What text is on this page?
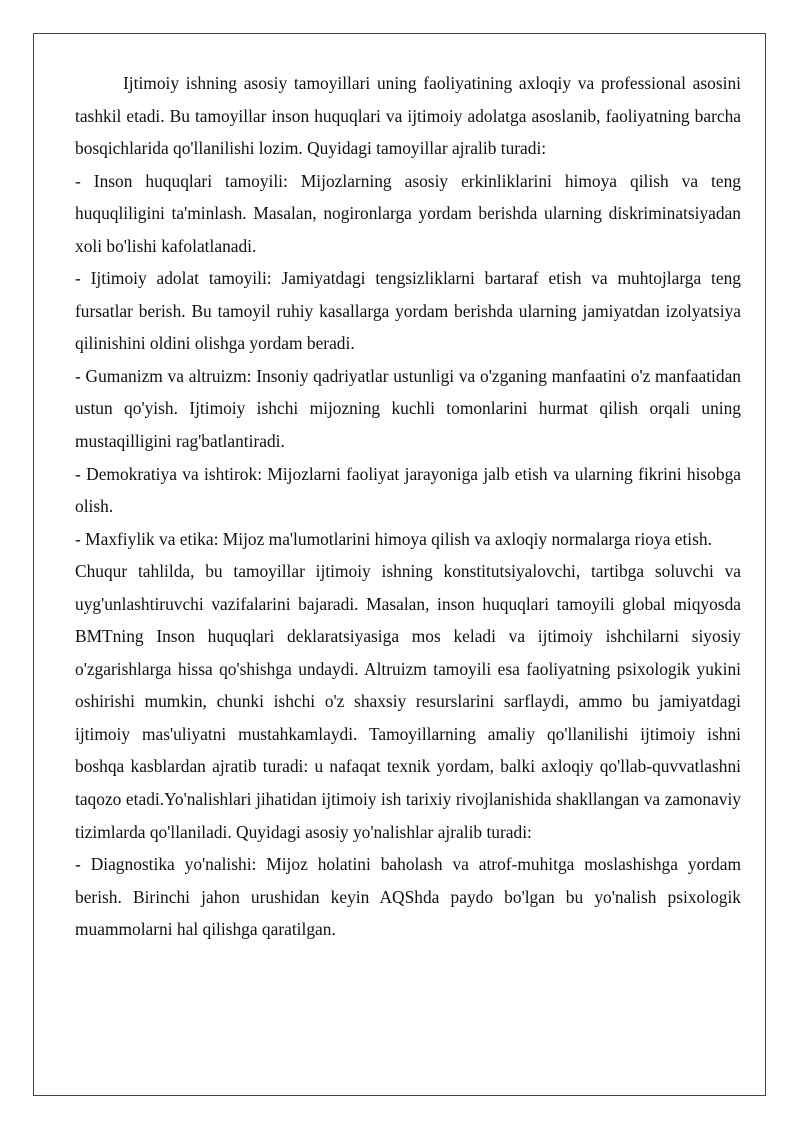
Ijtimoiy ishning asosiy tamoyillari uning faoliyatining axloqiy va professional asosini tashkil etadi. Bu tamoyillar inson huquqlari va ijtimoiy adolatga asoslanib, faoliyatning barcha bosqichlarida qo'llanilishi lozim. Quyidagi tamoyillar ajralib turadi:

- Inson huquqlari tamoyili: Mijozlarning asosiy erkinliklarini himoya qilish va teng huquqliligini ta'minlash. Masalan, nogironlarga yordam berishda ularning diskriminatsiyadan xoli bo'lishi kafolatlanadi.

- Ijtimoiy adolat tamoyili: Jamiyatdagi tengsizliklarni bartaraf etish va muhtojlarga teng fursatlar berish. Bu tamoyil ruhiy kasallarga yordam berishda ularning jamiyatdan izolyatsiya qilinishini oldini olishga yordam beradi.

- Gumanizm va altruizm: Insoniy qadriyatlar ustunligi va o'zganing manfaatini o'z manfaatidan ustun qo'yish. Ijtimoiy ishchi mijozning kuchli tomonlarini hurmat qilish orqali uning mustaqilligini rag'batlantiradi.

- Demokratiya va ishtirok: Mijozlarni faoliyat jarayoniga jalb etish va ularning fikrini hisobga olish.

- Maxfiylik va etika: Mijoz ma'lumotlarini himoya qilish va axloqiy normalarga rioya etish.

Chuqur tahlilda, bu tamoyillar ijtimoiy ishning konstitutsiyalovchi, tartibga soluvchi va uyg'unlashtiruvchi vazifalarini bajaradi. Masalan, inson huquqlari tamoyili global miqyosda BMTning Inson huquqlari deklaratsiyasiga mos keladi va ijtimoiy ishchilarni siyosiy o'zgarishlarga hissa qo'shishga undaydi. Altruizm tamoyili esa faoliyatning psixologik yukini oshirishi mumkin, chunki ishchi o'z shaxsiy resurslarini sarflaydi, ammo bu jamiyatdagi ijtimoiy mas'uliyatni mustahkamlaydi. Tamoyillarning amaliy qo'llanilishi ijtimoiy ishni boshqa kasblardan ajratib turadi: u nafaqat texnik yordam, balki axloqiy qo'llab-quvvatlashni taqozo etadi.Yo'nalishlari jihatidan ijtimoiy ish tarixiy rivojlanishida shakllangan va zamonaviy tizimlarda qo'llaniladi. Quyidagi asosiy yo'nalishlar ajralib turadi:

- Diagnostika yo'nalishi: Mijoz holatini baholash va atrof-muhitga moslashishga yordam berish. Birinchi jahon urushidan keyin AQShda paydo bo'lgan bu yo'nalish psixologik muammolarni hal qilishga qaratilgan.
